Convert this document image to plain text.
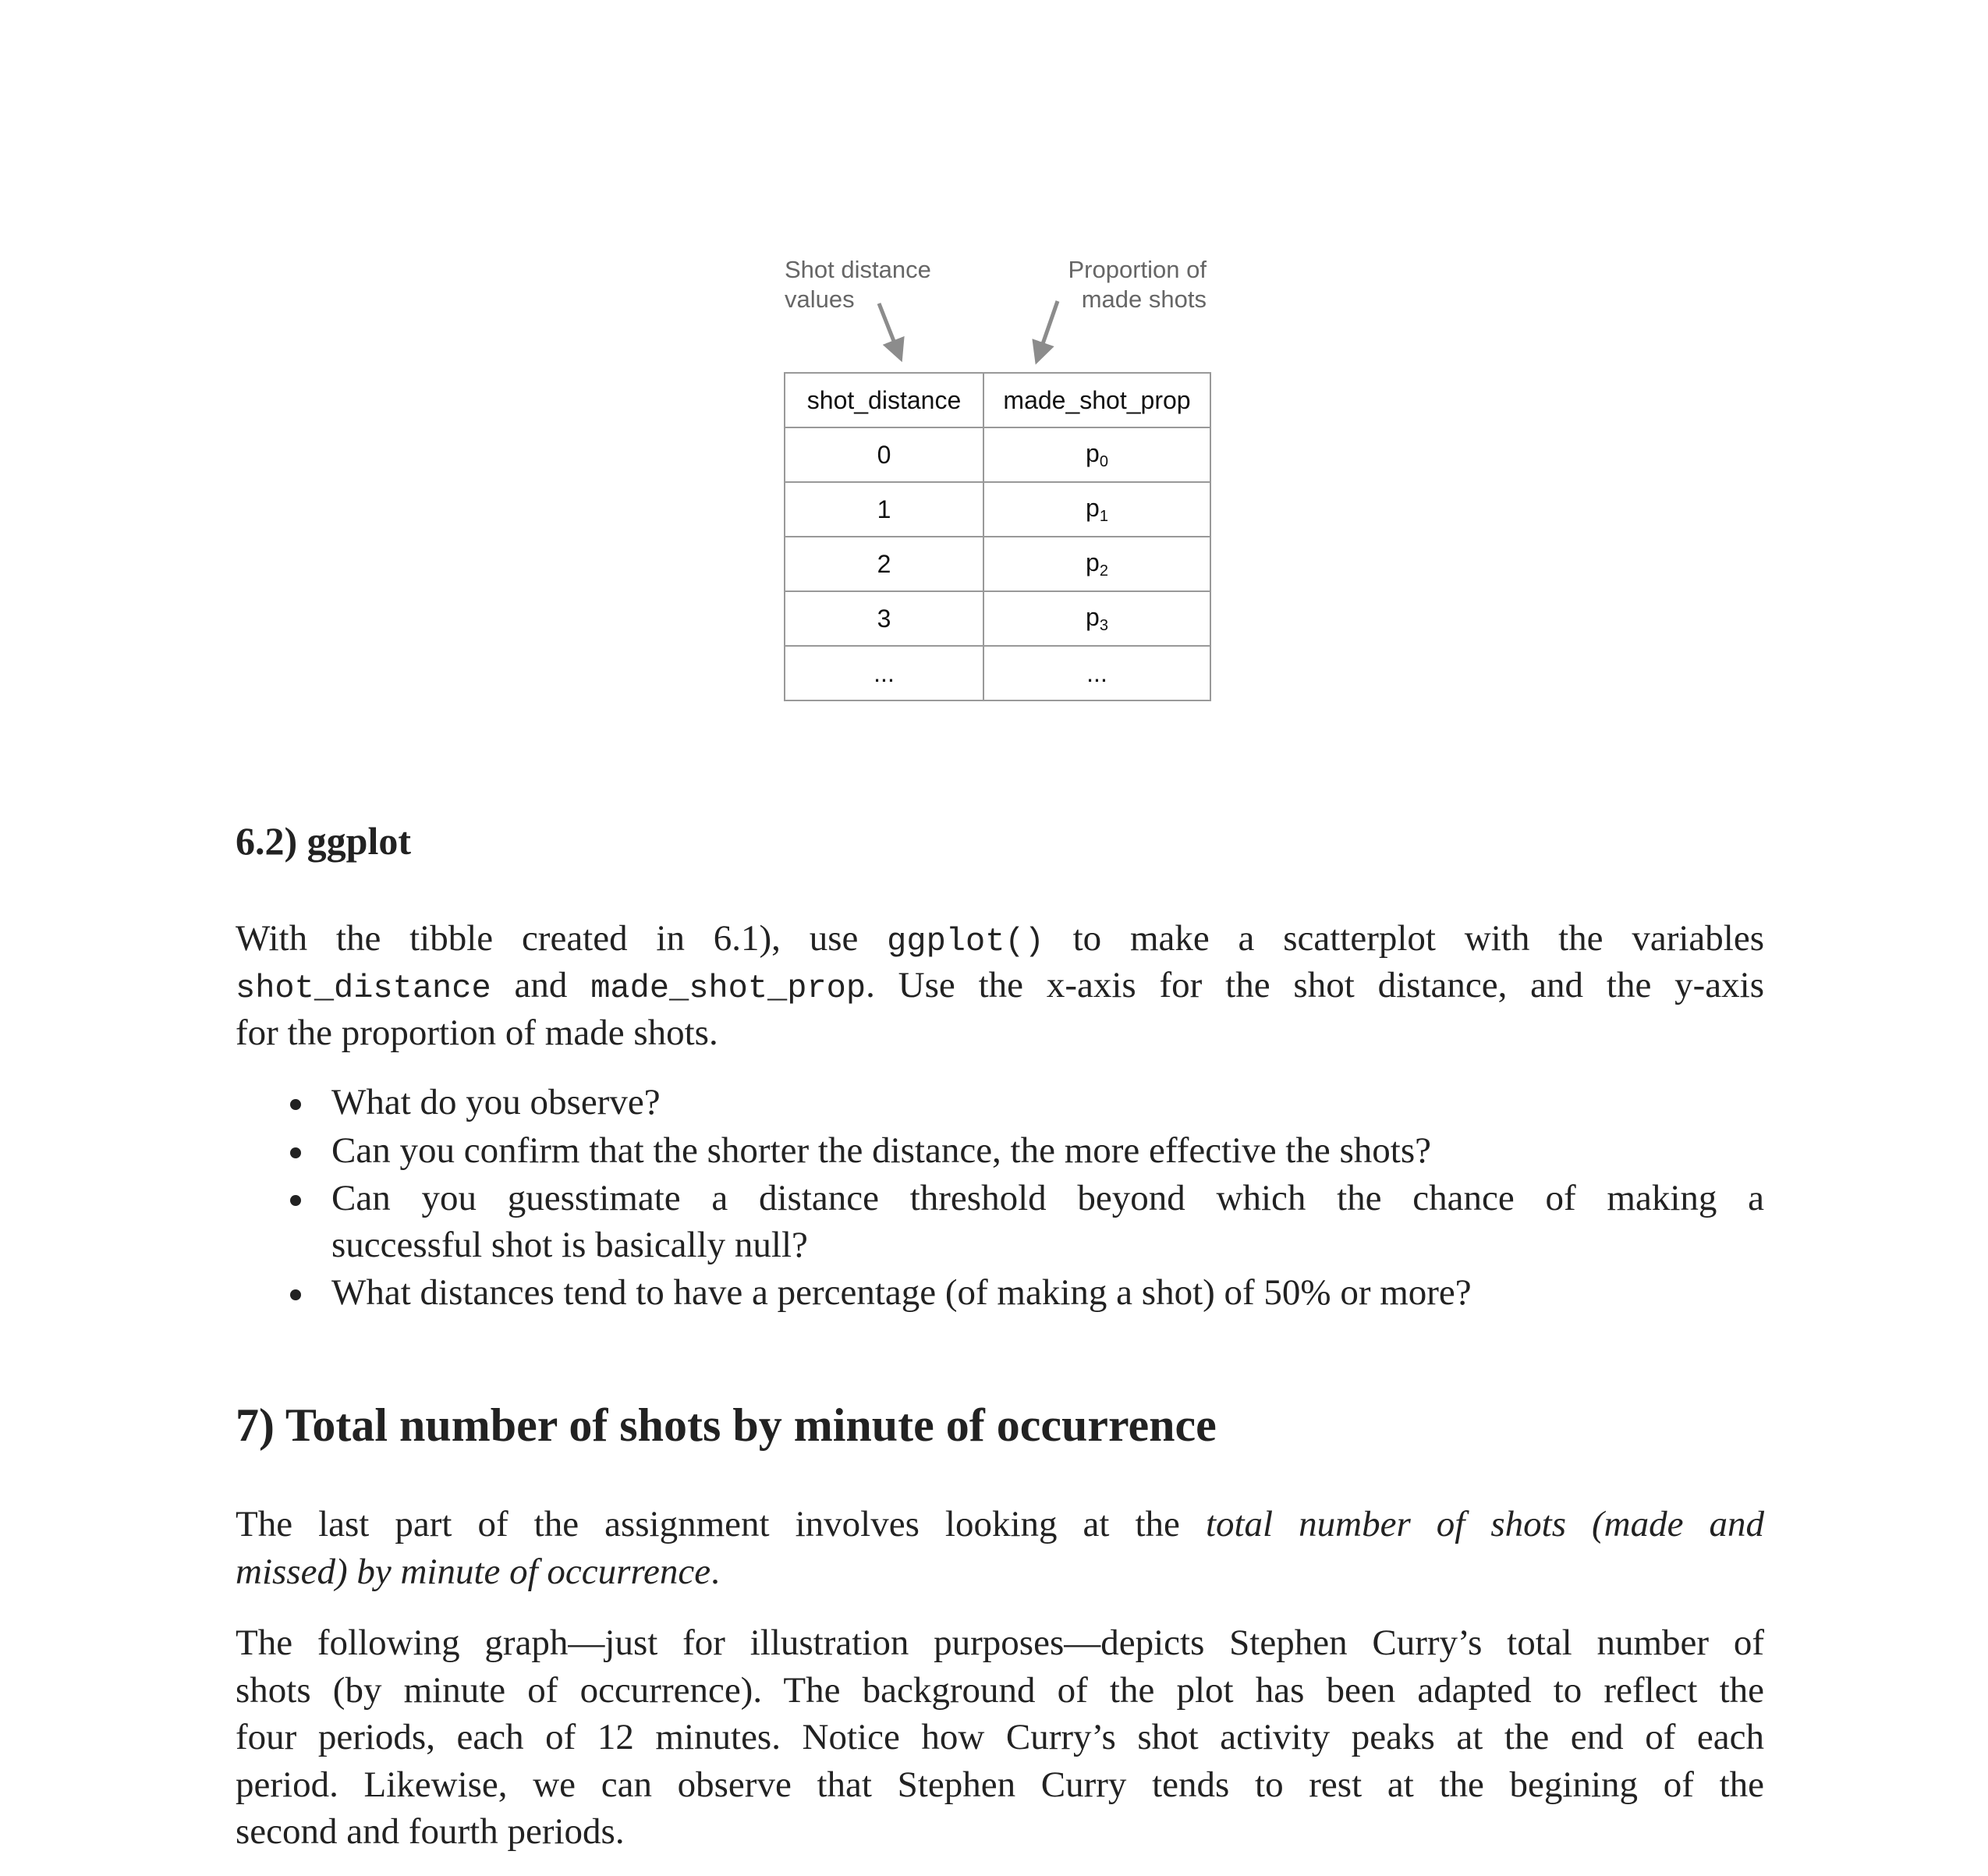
Shot distance
values
Proportion of
made shots
shot_distance	made_shot_prop
0	$p_0$
1	$p_1$
2	$p_2$
3	$p_3$
...	...
6.2) ggplot
With the tibble created in 6.1), use ggplot() to make a scatterplot with the variables
shot_distance and made_shot_prop. Use the x-axis for the shot distance, and the y-axis
for the proportion of made shots.
What do you observe?
Can you confirm that the shorter the distance, the more effective the shots?
Can you guesstimate a distance threshold beyond which the chance of making a
successful shot is basically null?
What distances tend to have a percentage (of making a shot) of 50% or more?
7) Total number of shots by minute of occurrence
The last part of the assignment involves looking at the total number of shots (made and
missed) by minute of occurrence.
The following graph—just for illustration purposes—depicts Stephen Curry’s total number of
shots (by minute of occurrence). The background of the plot has been adapted to reflect the
four periods, each of 12 minutes. Notice how Curry’s shot activity peaks at the end of each
period. Likewise, we can observe that Stephen Curry tends to rest at the begining of the
second and fourth periods.
